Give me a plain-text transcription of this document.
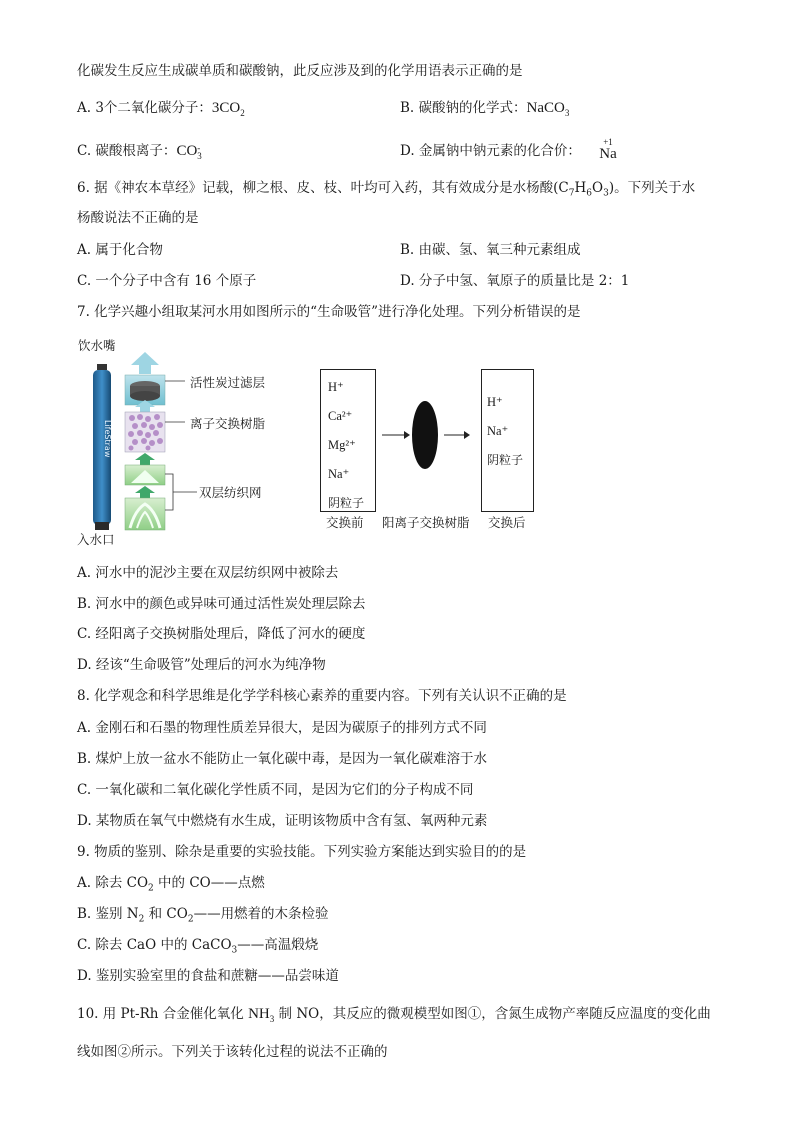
化碳发生反应生成碳单质和碳酸钠，此反应涉及到的化学用语表示正确的是
A. 3个二氧化碳分子：$3CO_2$	B. 碳酸钠的化学式：NaCO$_3$
C. 碳酸根离子：CO -
3	D. 金属钠中钠元素的化合价：
+1
Na
6. 据《神农本草经》记载，柳之根、皮、枝、叶均可入药，其有效成分是水杨酸$(C_7H_6O_3)$。下列关于水
杨酸说法不正确的是
A. 属于化合物	B. 由碳、氢、氧三种元素组成
C. 一个分子中含有 16 个原子	D. 分子中氢、氧原子的质量比是 2：1
7. 化学兴趣小组取某河水用如图所示的“生命吸管”进行净化处理。下列分析错误的是
饮水嘴
入水口
LifeStraw
活性炭过滤层
离子交换树脂
双层纺织网
H⁺
Ca²⁺
Mg²⁺
Na⁺
阴粒子
H⁺
Na⁺
阴粒子
交换前 阳离子交换树脂 交换后
A. 河水中的泥沙主要在双层纺织网中被除去
B. 河水中的颜色或异味可通过活性炭处理层除去
C. 经阳离子交换树脂处理后，降低了河水的硬度
D. 经该“生命吸管”处理后的河水为纯净物
8. 化学观念和科学思维是化学学科核心素养的重要内容。下列有关认识不正确的是
A. 金刚石和石墨的物理性质差异很大，是因为碳原子的排列方式不同
B. 煤炉上放一盆水不能防止一氧化碳中毒，是因为一氧化碳难溶于水
C. 一氧化碳和二氧化碳化学性质不同，是因为它们的分子构成不同
D. 某物质在氧气中燃烧有水生成，证明该物质中含有氢、氧两种元素
9. 物质的鉴别、除杂是重要的实验技能。下列实验方案能达到实验目的的是
A. 除去 $CO_2$ 中的 CO——点燃
B. 鉴别 $N_2$ 和 $CO_2——$用燃着的木条检验
C. 除去 CaO 中的 CaCO$_3$——高温煅烧
D. 鉴别实验室里的食盐和蔗糖——品尝味道
10. 用 Pt-Rh 合金催化氧化 $NH_3$ 制 NO，其反应的微观模型如图①，含氮生成物产率随反应温度的变化曲
线如图②所示。下列关于该转化过程的说法不正确的
